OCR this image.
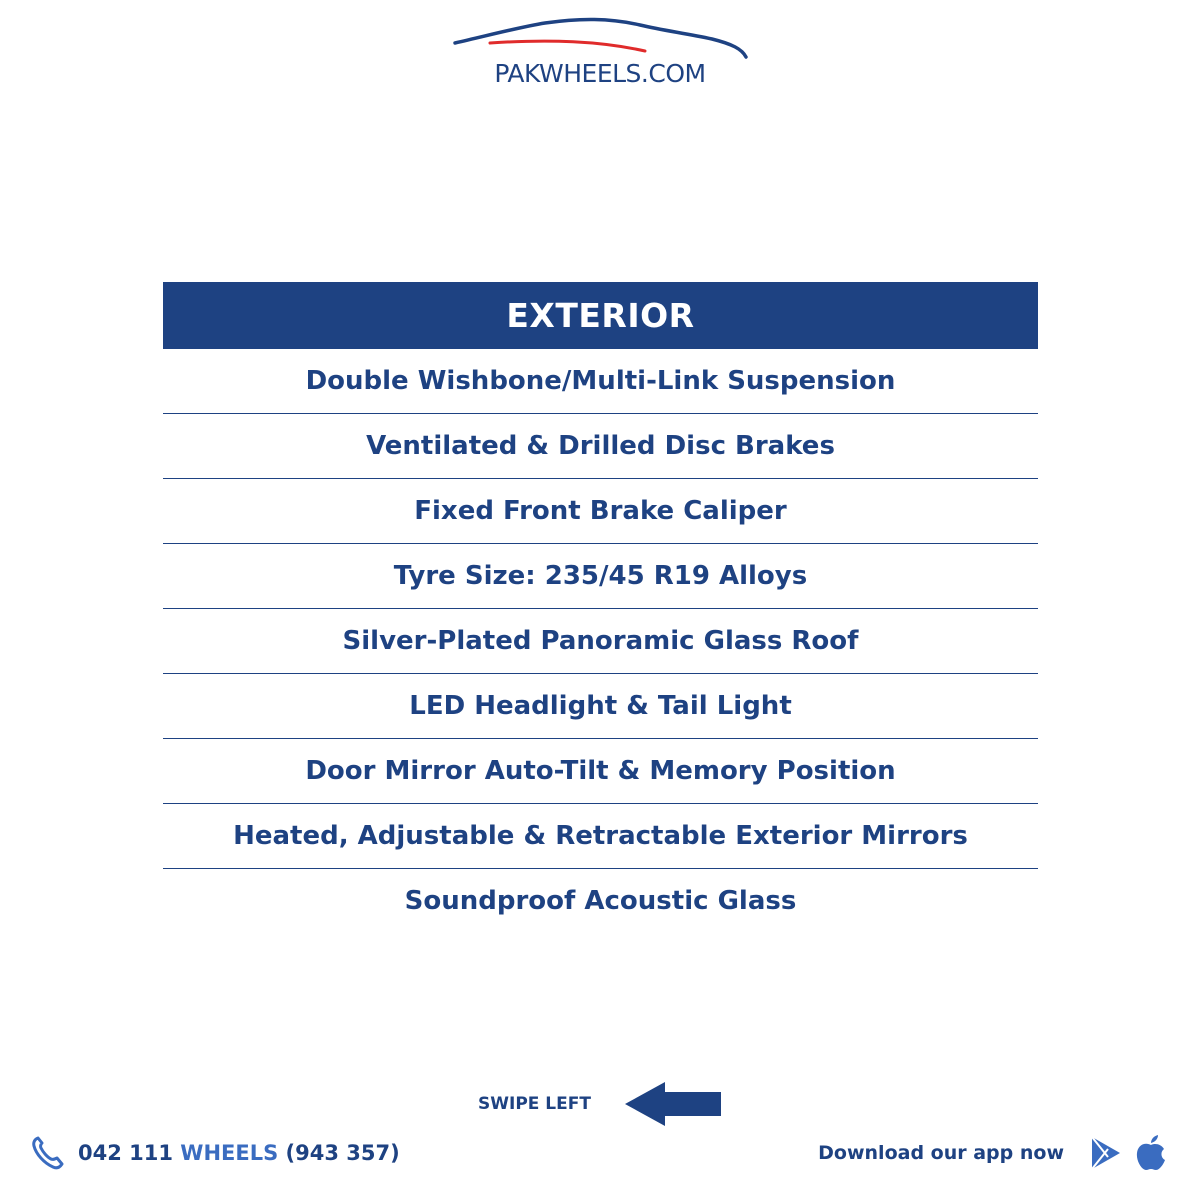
PAKWHEELS.COM
EXTERIOR
Double Wishbone/Multi-Link Suspension
Ventilated & Drilled Disc Brakes
Fixed Front Brake Caliper
Tyre Size: 235/45 R19 Alloys
Silver-Plated Panoramic Glass Roof
LED Headlight & Tail Light
Door Mirror Auto-Tilt & Memory Position
Heated, Adjustable & Retractable Exterior Mirrors
Soundproof Acoustic Glass
SWIPE LEFT
042 111 WHEELS (943 357)	Download our app now
